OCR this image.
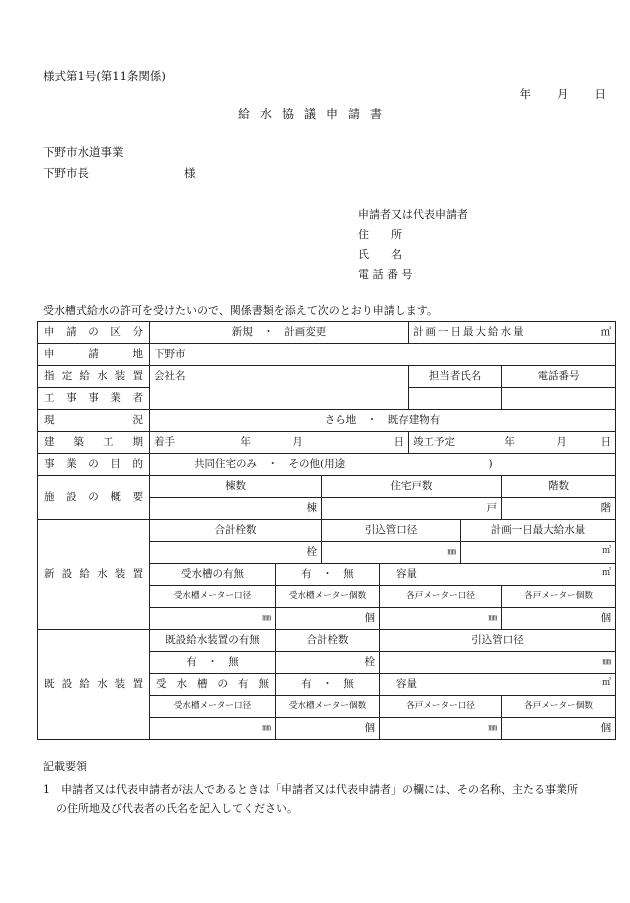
様式第1号(第11条関係)
年 月 日
給水協議申請書
下野市水道事業
下野市長	様
申請者又は代表申請者
住　　所
氏　　名
電 話 番 号
受水槽式給水の許可を受けたいので、関係書類を添えて次のとおり申請します。
申請の区分	新規　・　計画変更				計画一日最大給水量 ㎥		

申請地	下野市						
指定給水装置	会社名				担当者氏名		電話番号
工事事業者							
現況	さら地　・　既存建物有						
建築工期	着手 年 月 日				竣工予定 年 月 日		

事業の目的	共同住宅のみ　・　その他(用途 )						
施設の概要	棟数		住宅戸数				階数
	棟		戸				階
新設給水装置	合計栓数		引込管口径			計画一日最大給水量	
	栓		㎜			㎥	
	受水槽の有無	有　・　無		容量 ㎥			

	受水槽メーター口径	受水槽メーター個数		各戸メーター口径			各戸メーター個数
	㎜	個		㎜			個
既設給水装置	既設給水装置の有無	合計栓数		引込管口径			
	有　・　無	栓		㎜			
	受水槽の有無	有　・　無		容量 ㎥			

	受水槽メーター口径	受水槽メーター個数		各戸メーター口径			各戸メーター個数
	㎜	個		㎜			個
記載要領
1　申請者又は代表申請者が法人であるときは「申請者又は代表申請者」の欄には、その名称、主たる事業所
の住所地及び代表者の氏名を記入してください。
